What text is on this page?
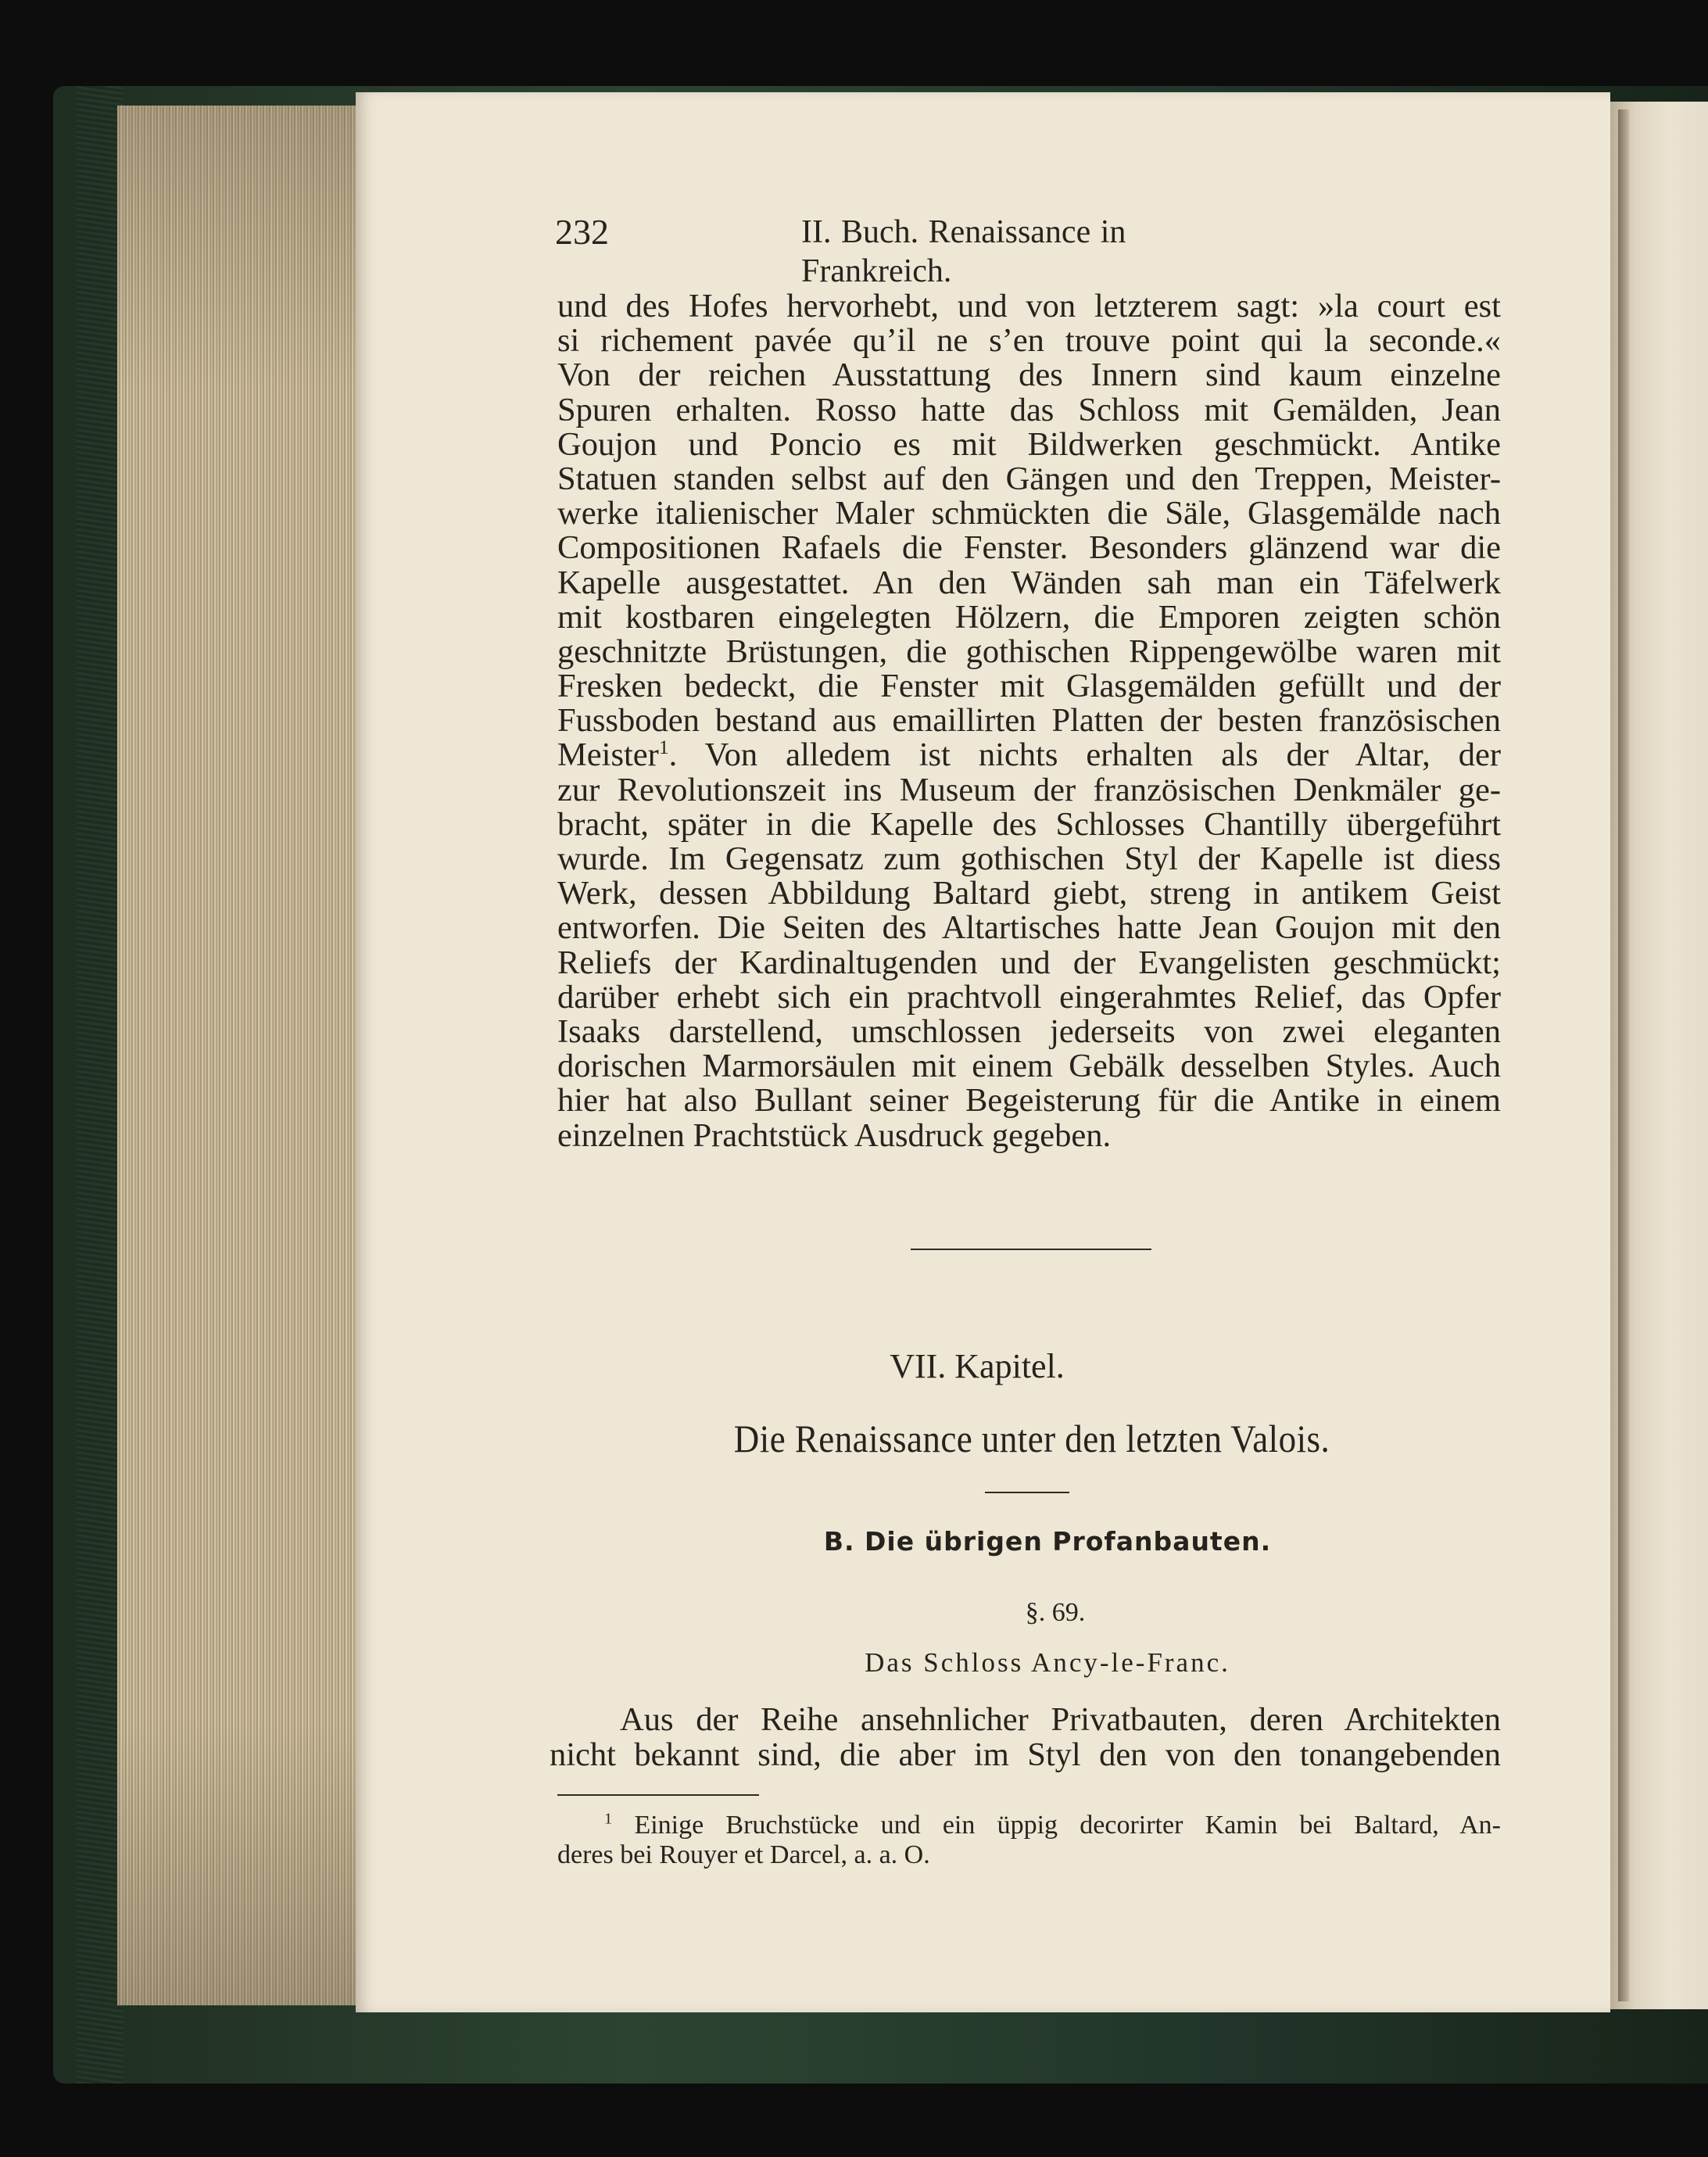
232	II. Buch. Renaissance in Frankreich.
und des Hofes hervorhebt, und von letzterem sagt: »la court est
si richement pavée qu’il ne s’en trouve point qui la seconde.«
Von der reichen Ausstattung des Innern sind kaum einzelne
Spuren erhalten. Rosso hatte das Schloss mit Gemälden, Jean
Goujon und Poncio es mit Bildwerken geschmückt. Antike
Statuen standen selbst auf den Gängen und den Treppen, Meister-
werke italienischer Maler schmückten die Säle, Glasgemälde nach
Compositionen Rafaels die Fenster. Besonders glänzend war die
Kapelle ausgestattet. An den Wänden sah man ein Täfelwerk
mit kostbaren eingelegten Hölzern, die Emporen zeigten schön
geschnitzte Brüstungen, die gothischen Rippengewölbe waren mit
Fresken bedeckt, die Fenster mit Glasgemälden gefüllt und der
Fussboden bestand aus emaillirten Platten der besten französischen
Meister$^1$. Von alledem ist nichts erhalten als der Altar, der
zur Revolutionszeit ins Museum der französischen Denkmäler ge-
bracht, später in die Kapelle des Schlosses Chantilly übergeführt
wurde. Im Gegensatz zum gothischen Styl der Kapelle ist diess
Werk, dessen Abbildung Baltard giebt, streng in antikem Geist
entworfen. Die Seiten des Altartisches hatte Jean Goujon mit den
Reliefs der Kardinaltugenden und der Evangelisten geschmückt;
darüber erhebt sich ein prachtvoll eingerahmtes Relief, das Opfer
Isaaks darstellend, umschlossen jederseits von zwei eleganten
dorischen Marmorsäulen mit einem Gebälk desselben Styles. Auch
hier hat also Bullant seiner Begeisterung für die Antike in einem
einzelnen Prachtstück Ausdruck gegeben.
VII. Kapitel.
Die Renaissance unter den letzten Valois.
B. Die übrigen Profanbauten.
§. 69.
Das Schloss Ancy-le-Franc.
Aus der Reihe ansehnlicher Privatbauten, deren Architekten
nicht bekannt sind, die aber im Styl den von den tonangebenden
$^1$ Einige Bruchstücke und ein üppig decorirter Kamin bei Baltard, An-
deres bei Rouyer et Darcel, a. a. O.
